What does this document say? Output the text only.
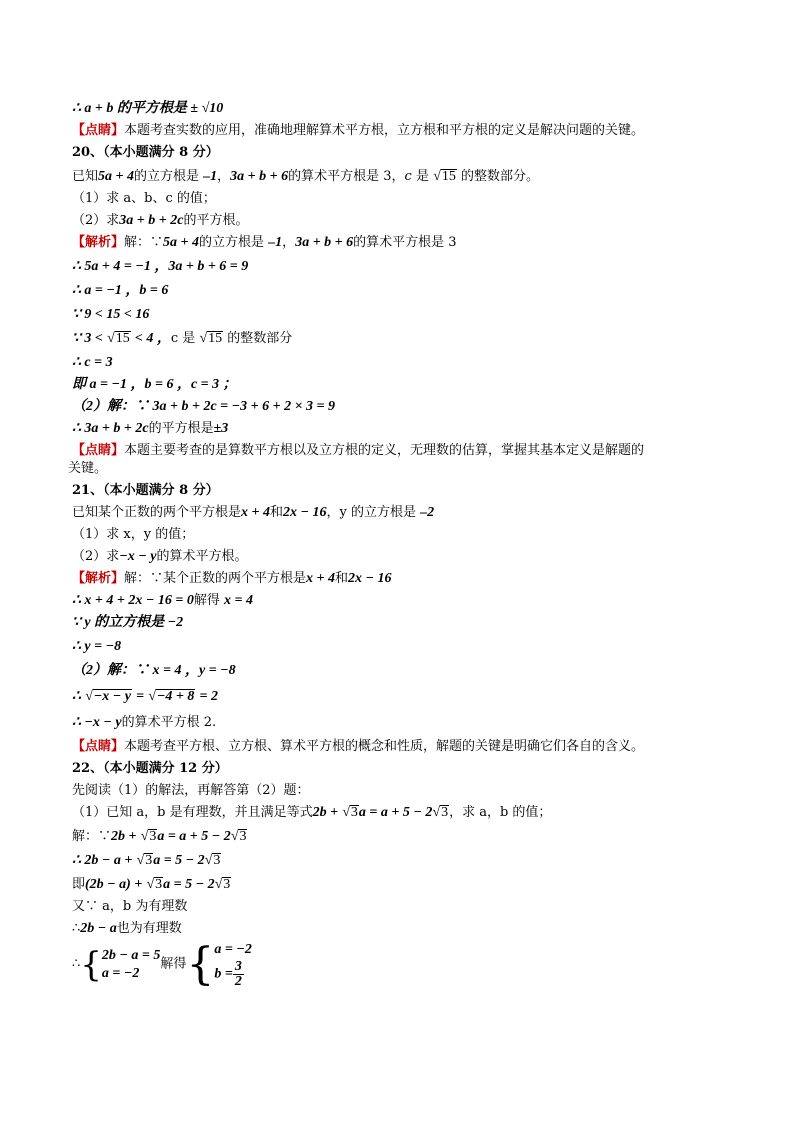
∴ a + b 的平方根是 ± √10
【点睛】本题考查实数的应用，准确地理解算术平方根，立方根和平方根的定义是解决问题的关键。
20、（本小题满分 8 分）
已知5a + 4的立方根是 –1，3a + b + 6的算术平方根是 3，c 是 √15 的整数部分。
（1）求 a、b、c 的值；
（2）求3a + b + 2c的平方根。
【解析】解：∵5a + 4的立方根是 –1，3a + b + 6的算术平方根是 3
∴ 5a + 4 = −1 ，3a + b + 6 = 9
∴ a = −1 ，b = 6
∵ 9 < 15 < 16
∵ 3 < √15 < 4 ，c 是 √15 的整数部分
∴ c = 3
即 a = −1 ，b = 6 ，c = 3 ；
（2）解：∵ 3a + b + 2c = −3 + 6 + 2 × 3 = 9
∴ 3a + b + 2c的平方根是±3
【点睛】本题主要考查的是算数平方根以及立方根的定义，无理数的估算，掌握其基本定义是解题的
关键。
21、（本小题满分 8 分）
已知某个正数的两个平方根是x + 4和2x − 16，y 的立方根是 –2
（1）求 x，y 的值；
（2）求−x − y的算术平方根。
【解析】解：∵某个正数的两个平方根是x + 4和2x − 16
∴ x + 4 + 2x − 16 = 0解得 x = 4
∵ y 的立方根是 −2
∴ y = −8
（2）解：∵ x = 4 ，y = −8
∴ √−x − y = √−4 + 8 = 2
∴ −x − y的算术平方根 2.
【点睛】本题考查平方根、立方根、算术平方根的概念和性质，解题的关键是明确它们各自的含义。
22、（本小题满分 12 分）
先阅读（1）的解法，再解答第（2）题：
（1）已知 a，b 是有理数，并且满足等式2b + √3a = a + 5 − 2√3，求 a，b 的值；
解：∵2b + √3a = a + 5 − 2√3
∴ 2b − a + √3a = 5 − 2√3
即(2b − a) + √3a = 5 − 2√3
又∵ a，b 为有理数
∴2b − a也为有理数
∴{ 2b − a = 5
a = −2
解得{ a = −2
$b = \frac{3}{2}$
